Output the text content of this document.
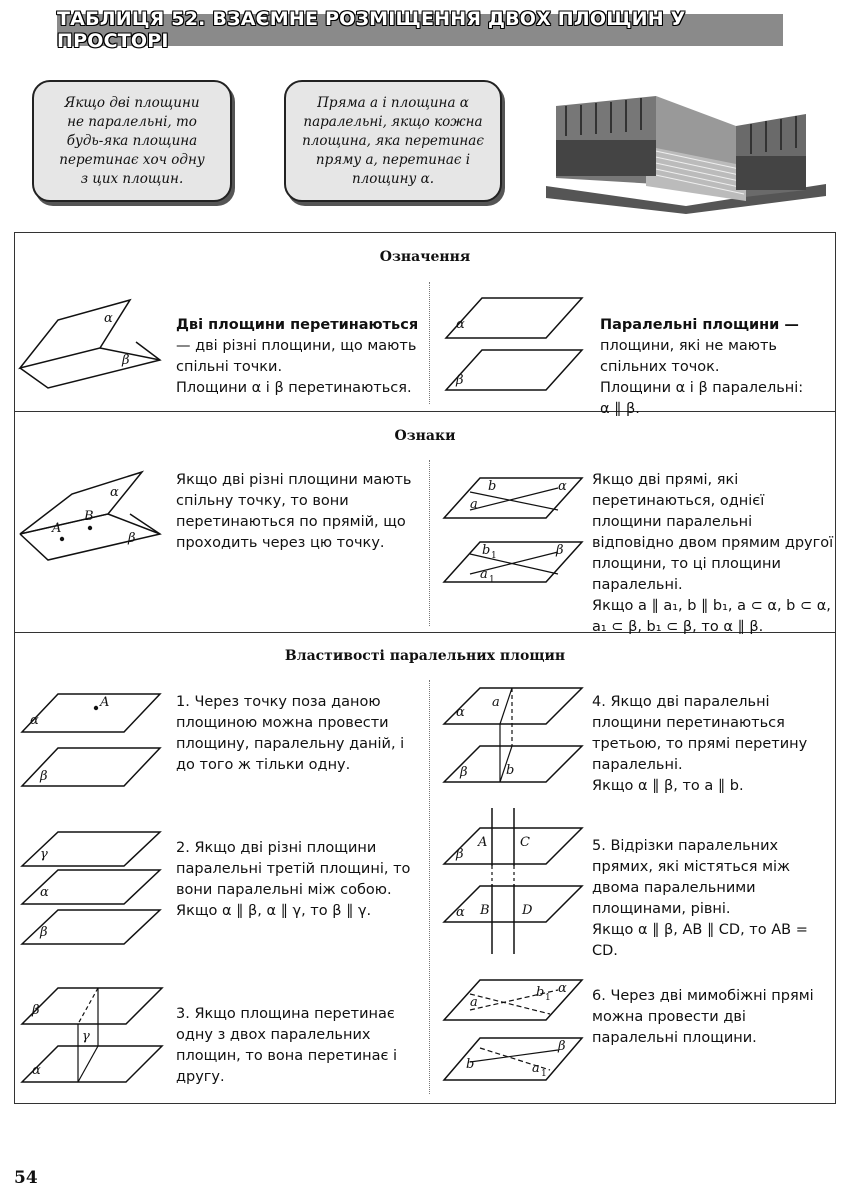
ТАБЛИЦЯ 52. ВЗАЄМНЕ РОЗМІЩЕННЯ ДВОХ ПЛОЩИН У ПРОСТОРІ
Якщо дві площини
не паралельні, то
будь-яка площина
перетинає хоч одну
з цих площин.
Пряма a і площина α
паралельні, якщо кожна
площина, яка перетинає
пряму a, перетинає і
площину α.
Означення
Ознаки
Властивості паралельних площин
α
β

Дві площини перетинаються — дві різні площини, що мають спільні точки.
Площини α і β перетинаються.

α
β

Паралельні площини —
площини, які не мають спільних точок.
Площини α і β паралельні:
α ∥ β.

A
B
α
β
Якщо дві різні площини мають спільну точку, то вони перетинаються по прямій, що проходить через цю точку.
b
a
α
b 1
a 1
β
Якщо дві прямі, які перетинаються, однієї площини паралельні відповідно двом прямим другої площини, то ці площини паралельні.
Якщо a ∥ a₁, b ∥ b₁, a ⊂ α, b ⊂ α, a₁ ⊂ β, b₁ ⊂ β, то α ∥ β.
A
α
β
1. Через точку поза даною площиною можна провести площину, паралельну даній, і до того ж тільки одну.
γ
α
β
2. Якщо дві різні площини паралельні третій площині, то вони паралельні між собою.
Якщо α ∥ β, α ∥ γ, то β ∥ γ.
β
γ
α
3. Якщо площина перетинає одну з двох паралельних площин, то вона перетинає і другу.
a
b
α
β
4. Якщо дві паралельні площини перетинаються третьою, то прямі перетину паралельні.
Якщо α ∥ β, то a ∥ b.
A	C
B D
β
α
5. Відрізки паралельних прямих, які містяться між двома паралельними площинами, рівні.
Якщо α ∥ β, AB ∥ CD, то AB = CD.
a
b 1
α
b	a 1
β
6. Через дві мимобіжні прямі можна провести дві паралельні площини.
54
